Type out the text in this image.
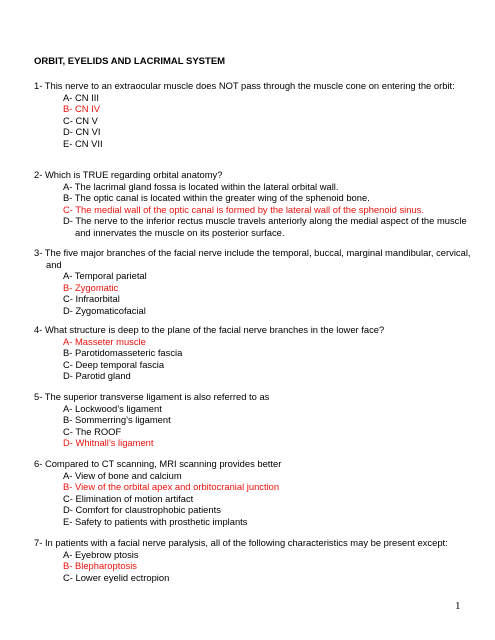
ORBIT, EYELIDS AND LACRIMAL SYSTEM

1- This nerve to an extraocular muscle does NOT pass through the muscle cone on entering the orbit:

A- CN III

B- CN IV

C- CN V

D- CN VI

E- CN VII

2- Which is TRUE regarding orbital anatomy?

A- The lacrimal gland fossa is located within the lateral orbital wall.

B- The optic canal is located within the greater wing of the sphenoid bone.

C- The medial wall of the optic canal is formed by the lateral wall of the sphenoid sinus.

D- The nerve to the inferior rectus muscle travels anteriorly along the medial aspect of the muscle and innervates the muscle on its posterior surface.

3- The five major branches of the facial nerve include the temporal, buccal, marginal mandibular, cervical, and

A- Temporal parietal

B- Zygomatic

C- Infraorbital

D- Zygomaticofacial

4- What structure is deep to the plane of the facial nerve branches in the lower face?

A- Masseter muscle

B- Parotidomasseteric fascia

C- Deep temporal fascia

D- Parotid gland

5- The superior transverse ligament is also referred to as

A- Lockwood’s ligament

B- Sommerring’s ligament

C- The ROOF

D- Whitnall’s ligament

6- Compared to CT scanning, MRI scanning provides better

A- View of bone and calcium

B- View of the orbital apex and orbitocranial junction

C- Elimination of motion artifact

D- Comfort for claustrophobic patients

E- Safety to patients with prosthetic implants

7- In patients with a facial nerve paralysis, all of the following characteristics may be present except:

A- Eyebrow ptosis

B- Blepharoptosis

C- Lower eyelid ectropion

1
